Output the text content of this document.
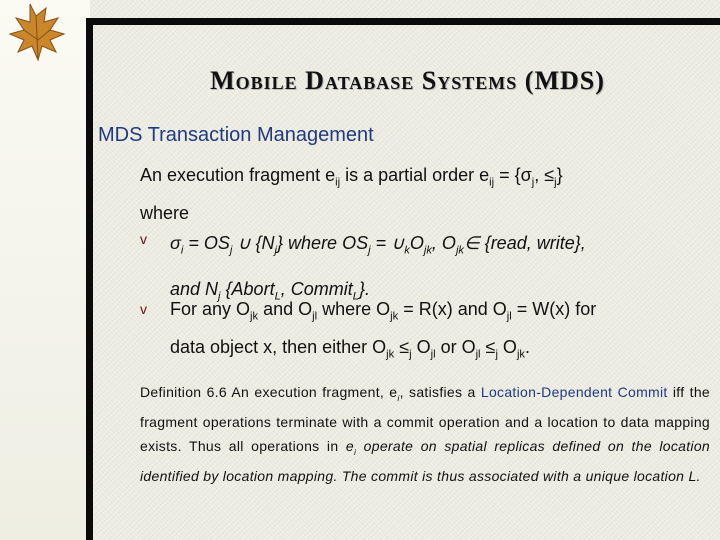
Mobile Database Systems (MDS)
MDS Transaction Management

An execution fragment $e_{ij}$ is a partial order $e_{ij} = \{\sigma_j$, $\le_j$}
where

v	$\sigma_i = OS_j$ ∪ $\{N_j\}$ where $OS_j$ = $\cup_kO_{jk}$, $O_{jk}\in$ {read, write},
and $N_j$ {Abort$_L$, Commit$_L$}.
v	For any $O_{jk}$ and $O_{jl}$ where $O_{jk} = R(x)$ and $O_{jl} = W(x)$ for
data object x, then either $O_{jk} \le_j$ $O_{jl}$ or $O_{jl} \le_j$ $O_{jk}$.

Definition 6.6 An execution fragment, $e_i$, satisfies a Location-Dependent Commit iff the fragment operations terminate with a commit operation and a location to data mapping exists. Thus all operations in $e_i$ operate on spatial replicas defined on the location identified by location mapping. The commit is thus associated with a unique location L.
